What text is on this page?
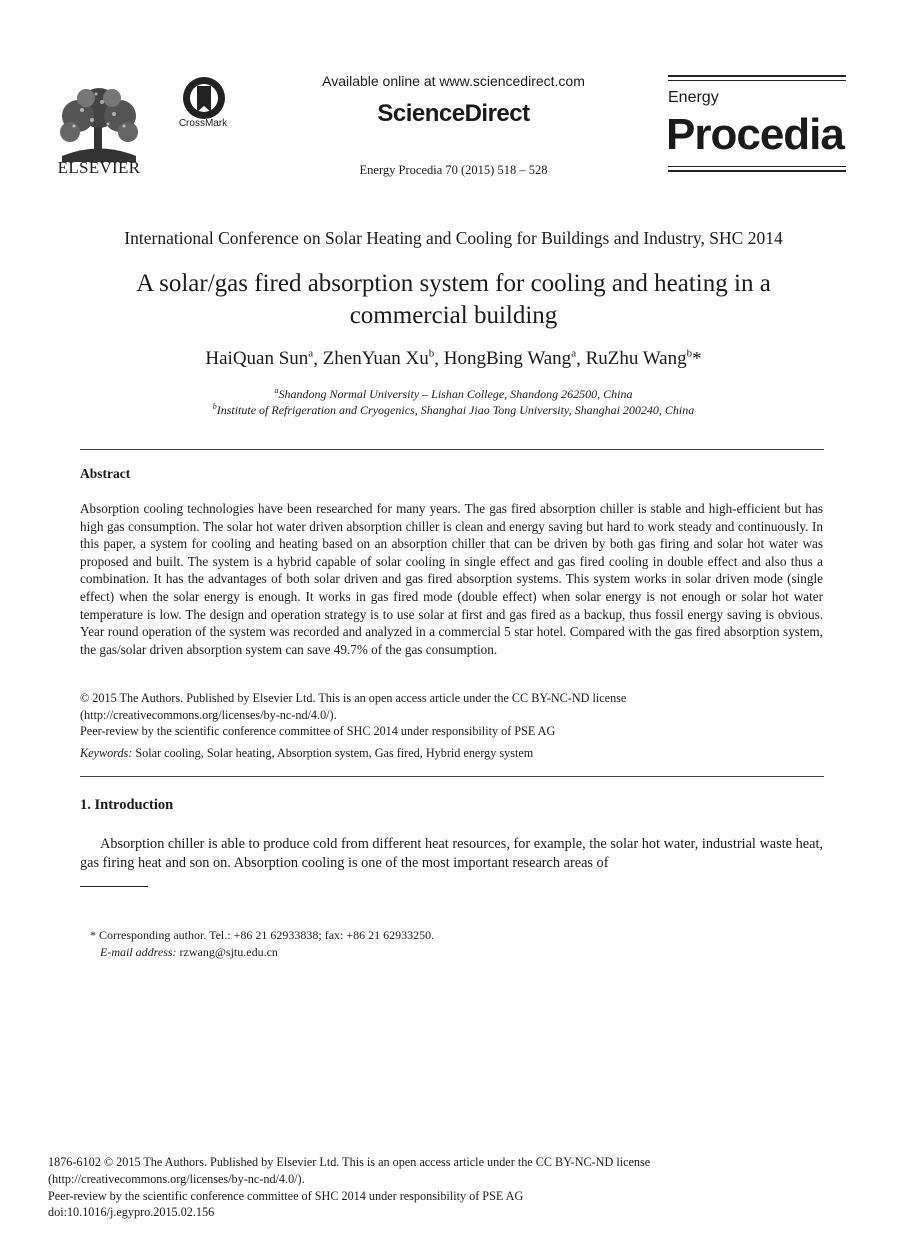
ELSEVIER
CrossMark
Available online at www.sciencedirect.com
ScienceDirect
Energy Procedia 70 (2015) 518 – 528
Energy
Procedia
International Conference on Solar Heating and Cooling for Buildings and Industry, SHC 2014
A solar/gas fired absorption system for cooling and heating in a commercial building
HaiQuan Sun$^a$, ZhenYuan Xu$^b$, HongBing Wang$^a$, RuZhu Wang$^b$*
$^a$Shandong Normal University – Lishan College, Shandong 262500, China
$^b$Institute of Refrigeration and Cryogenics, Shanghai Jiao Tong University, Shanghai 200240, China
Abstract
Absorption cooling technologies have been researched for many years. The gas fired absorption chiller is stable and high-efficient but has high gas consumption. The solar hot water driven absorption chiller is clean and energy saving but hard to work steady and continuously. In this paper, a system for cooling and heating based on an absorption chiller that can be driven by both gas firing and solar hot water was proposed and built. The system is a hybrid capable of solar cooling in single effect and gas fired cooling in double effect and also thus a combination. It has the advantages of both solar driven and gas fired absorption systems. This system works in solar driven mode (single effect) when the solar energy is enough. It works in gas fired mode (double effect) when solar energy is not enough or solar hot water temperature is low. The design and operation strategy is to use solar at first and gas fired as a backup, thus fossil energy saving is obvious. Year round operation of the system was recorded and analyzed in a commercial 5 star hotel. Compared with the gas fired absorption system, the gas/solar driven absorption system can save 49.7% of the gas consumption.
© 2015 The Authors. Published by Elsevier Ltd. This is an open access article under the CC BY-NC-ND license
(http://creativecommons.org/licenses/by-nc-nd/4.0/).
Peer-review by the scientific conference committee of SHC 2014 under responsibility of PSE AG
Keywords: Solar cooling, Solar heating, Absorption system, Gas fired, Hybrid energy system
1. Introduction
Absorption chiller is able to produce cold from different heat resources, for example, the solar hot water, industrial waste heat, gas firing heat and son on. Absorption cooling is one of the most important research areas of
* Corresponding author. Tel.: +86 21 62933838; fax: +86 21 62933250.
E-mail address: rzwang@sjtu.edu.cn
1876-6102 © 2015 The Authors. Published by Elsevier Ltd. This is an open access article under the CC BY-NC-ND license
(http://creativecommons.org/licenses/by-nc-nd/4.0/).
Peer-review by the scientific conference committee of SHC 2014 under responsibility of PSE AG
doi:10.1016/j.egypro.2015.02.156
